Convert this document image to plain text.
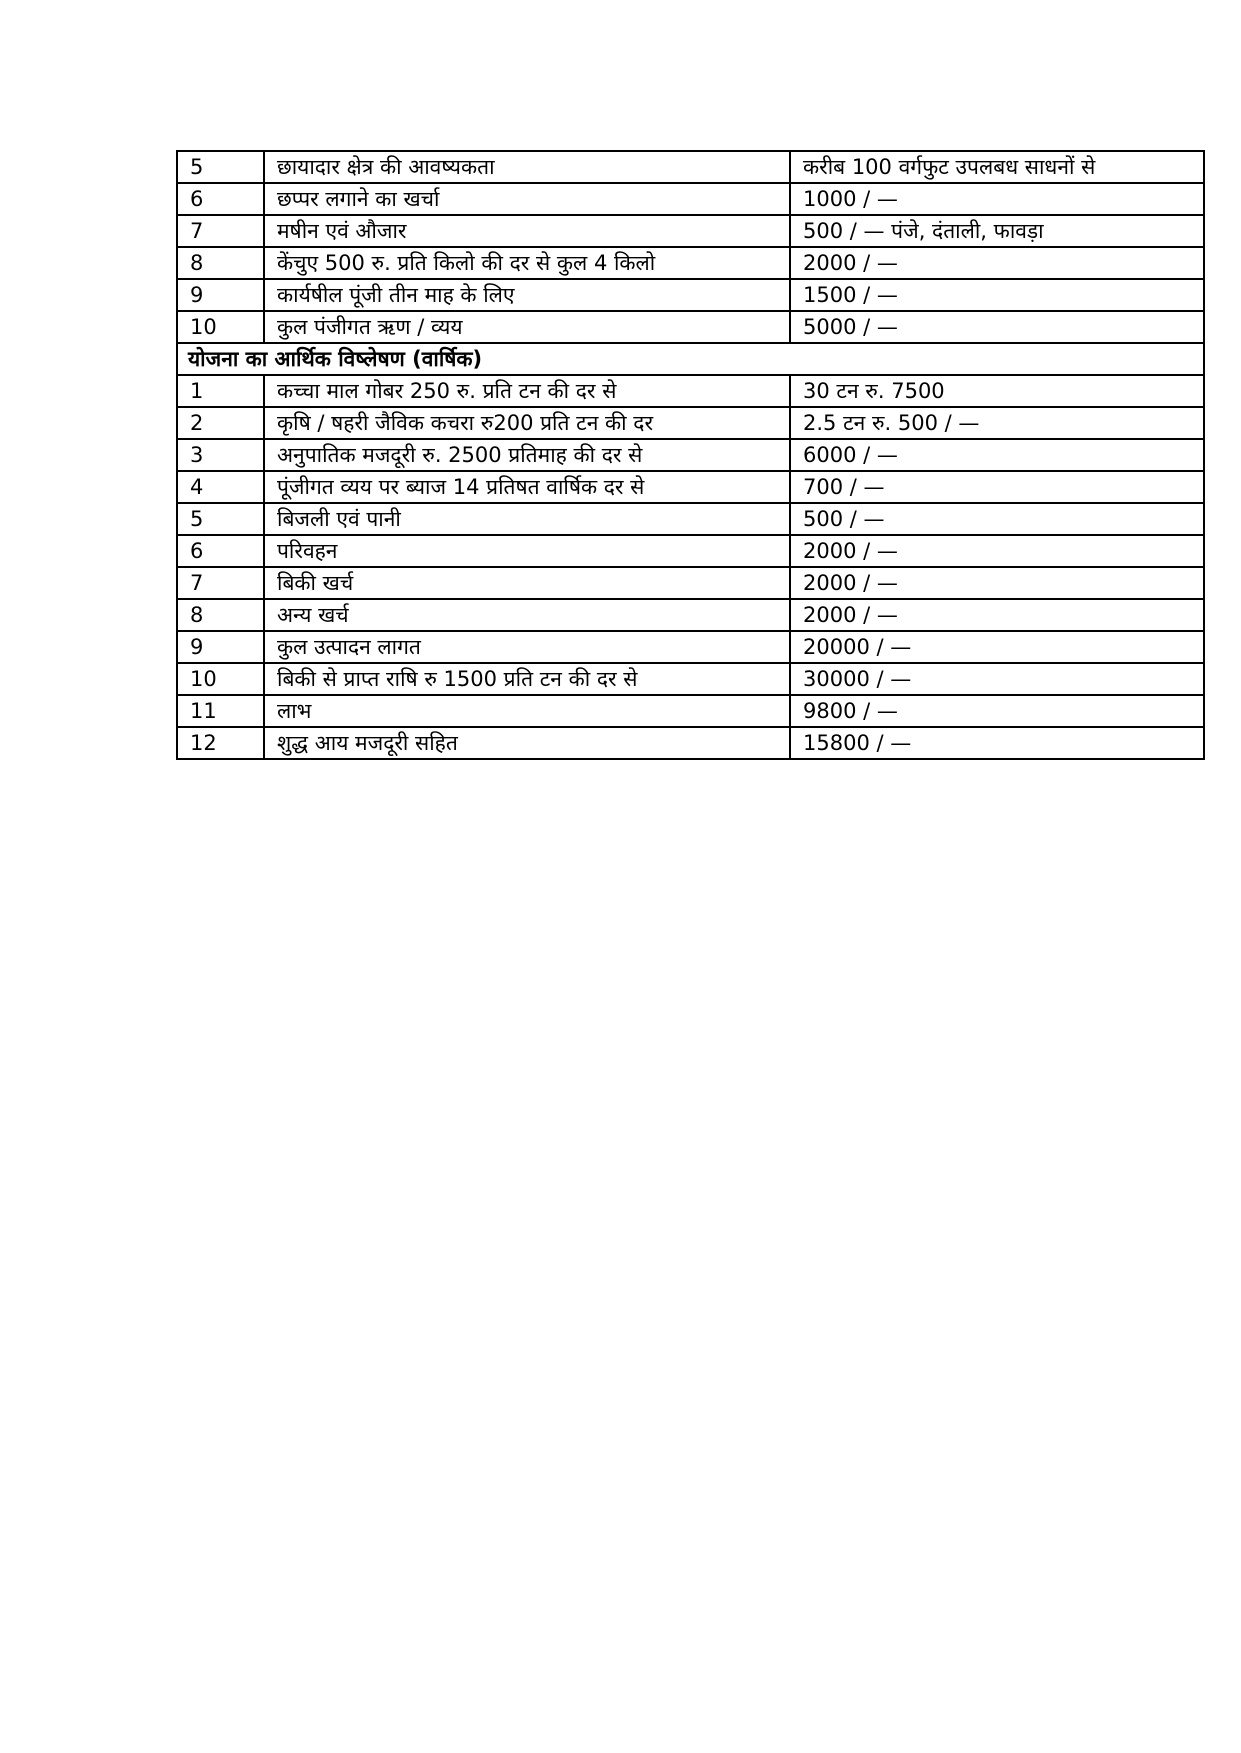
5	छायादार क्षेत्र की आवष्यकता	करीब 100 वर्गफुट उपलबध साधनों से
6	छप्पर लगाने का खर्चा	1000 / —
7	मषीन एवं औजार	500 / — पंजे, दंताली, फावड़ा
8	केंचुए 500 रु. प्रति किलो की दर से कुल 4 किलो	2000 / —
9	कार्यषील पूंजी तीन माह के लिए	1500 / —
10	कुल पंजीगत ऋण / व्यय	5000 / —
योजना का आर्थिक विष्लेषण (वार्षिक)		
1	कच्चा माल गोबर 250 रु. प्रति टन की दर से	30 टन रु. 7500
2	कृषि / षहरी जैविक कचरा रु200 प्रति टन की दर	2.5 टन रु. 500 / —
3	अनुपातिक मजदूरी रु. 2500 प्रतिमाह की दर से	6000 / —
4	पूंजीगत व्यय पर ब्याज 14 प्रतिषत वार्षिक दर से	700 / —
5	बिजली एवं पानी	500 / —
6	परिवहन	2000 / —
7	बिकी खर्च	2000 / —
8	अन्य खर्च	2000 / —
9	कुल उत्पादन लागत	20000 / —
10	बिकी से प्राप्त राषि रु 1500 प्रति टन की दर से	30000 / —
11	लाभ	9800 / —
12	शुद्ध आय मजदूरी सहित	15800 / —
